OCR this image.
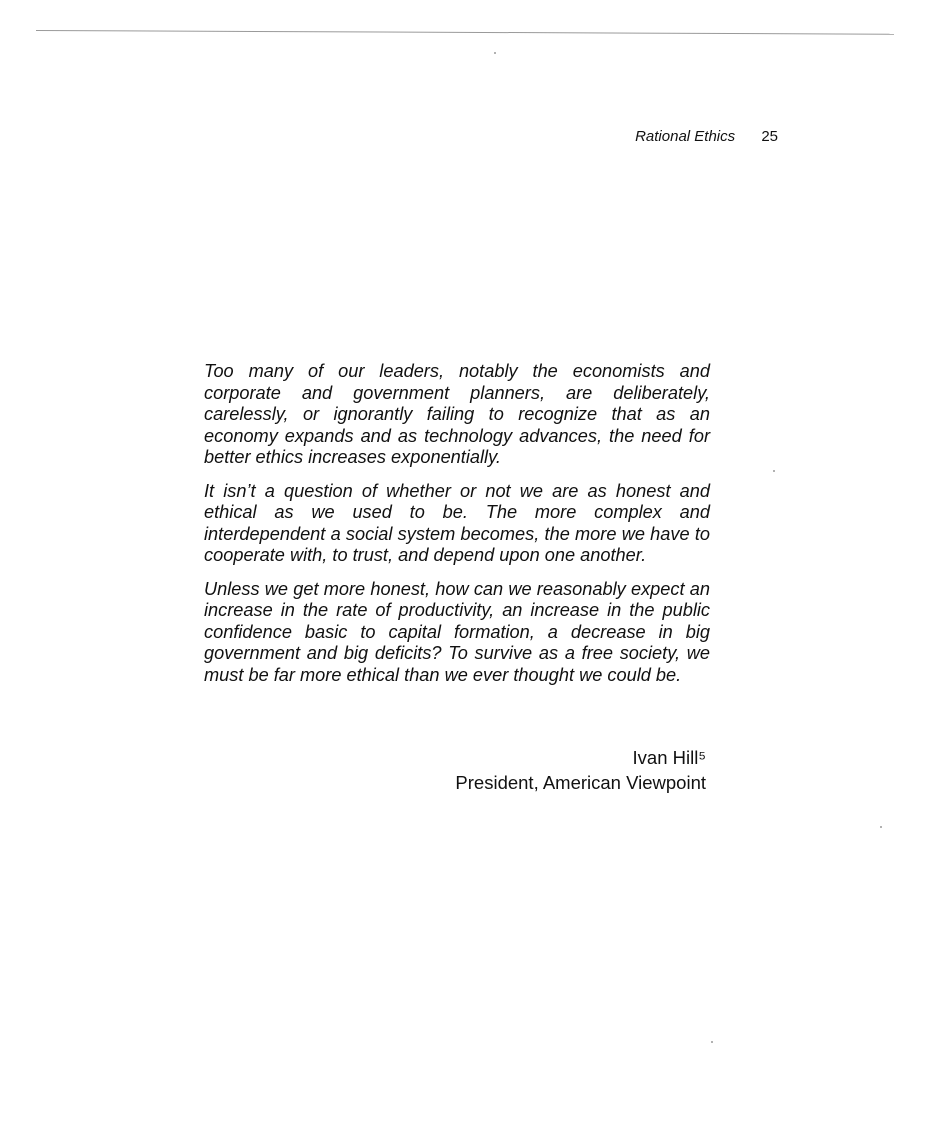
Rational Ethics 25

Too many of our leaders, notably the economists and corporate and government planners, are deliberately, carelessly, or ignorantly failing to recognize that as an economy expands and as technology advances, the need for better ethics increases exponentially.

It isn’t a question of whether or not we are as honest and ethical as we used to be. The more complex and interdependent a social system becomes, the more we have to cooperate with, to trust, and depend upon one another.

Unless we get more honest, how can we reasonably expect an increase in the rate of productivity, an increase in the public confidence basic to capital formation, a decrease in big government and big deficits? To survive as a free society, we must be far more ethical than we ever thought we could be.

Ivan Hill⁵
President, American Viewpoint
